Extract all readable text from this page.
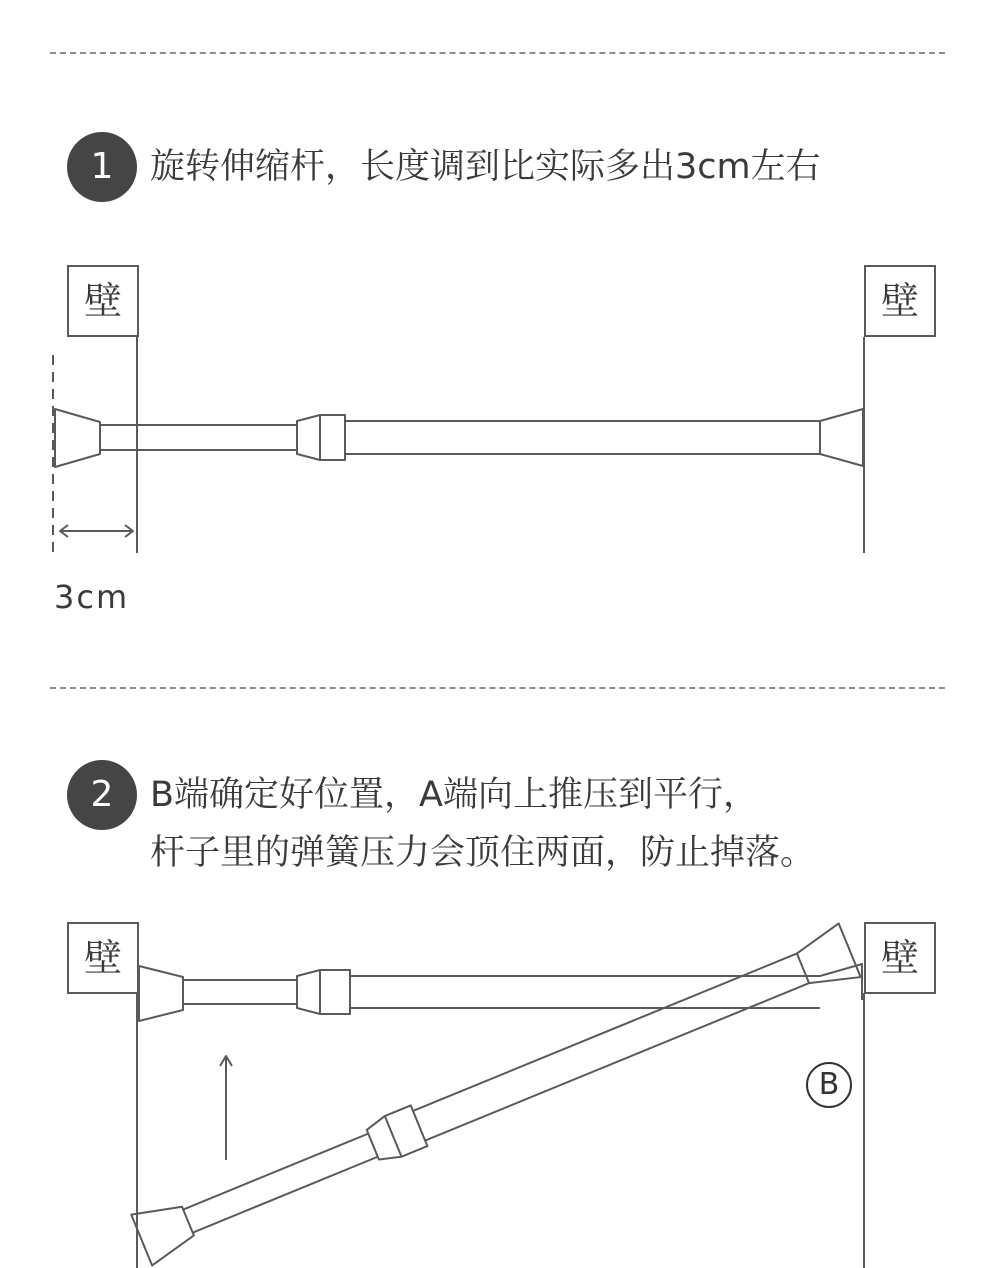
1	旋转伸缩杆，长度调到比实际多出3cm左右
壁	壁
3cm
2	B端确定好位置，A端向上推压到平行，
杆子里的弹簧压力会顶住两面，防止掉落。
壁	壁
B
